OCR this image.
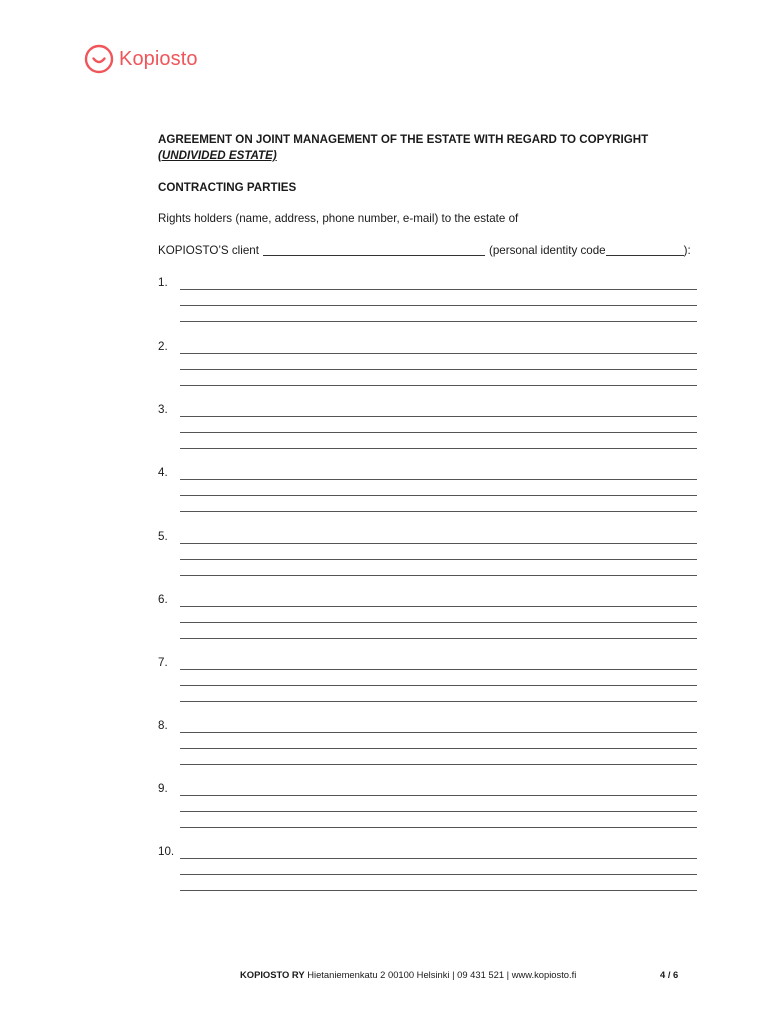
Kopiosto
AGREEMENT ON JOINT MANAGEMENT OF THE ESTATE WITH REGARD TO COPYRIGHT
(UNDIVIDED ESTATE)
CONTRACTING PARTIES
Rights holders (name, address, phone number, e-mail) to the estate of
KOPIOSTO’S client	(personal identity code	):
1.
2.
3.
4.
5.
6.
7.
8.
9.
10.
KOPIOSTO RY Hietaniemenkatu 2 00100 Helsinki | 09 431 521 | www.kopiosto.fi	4 / 6
